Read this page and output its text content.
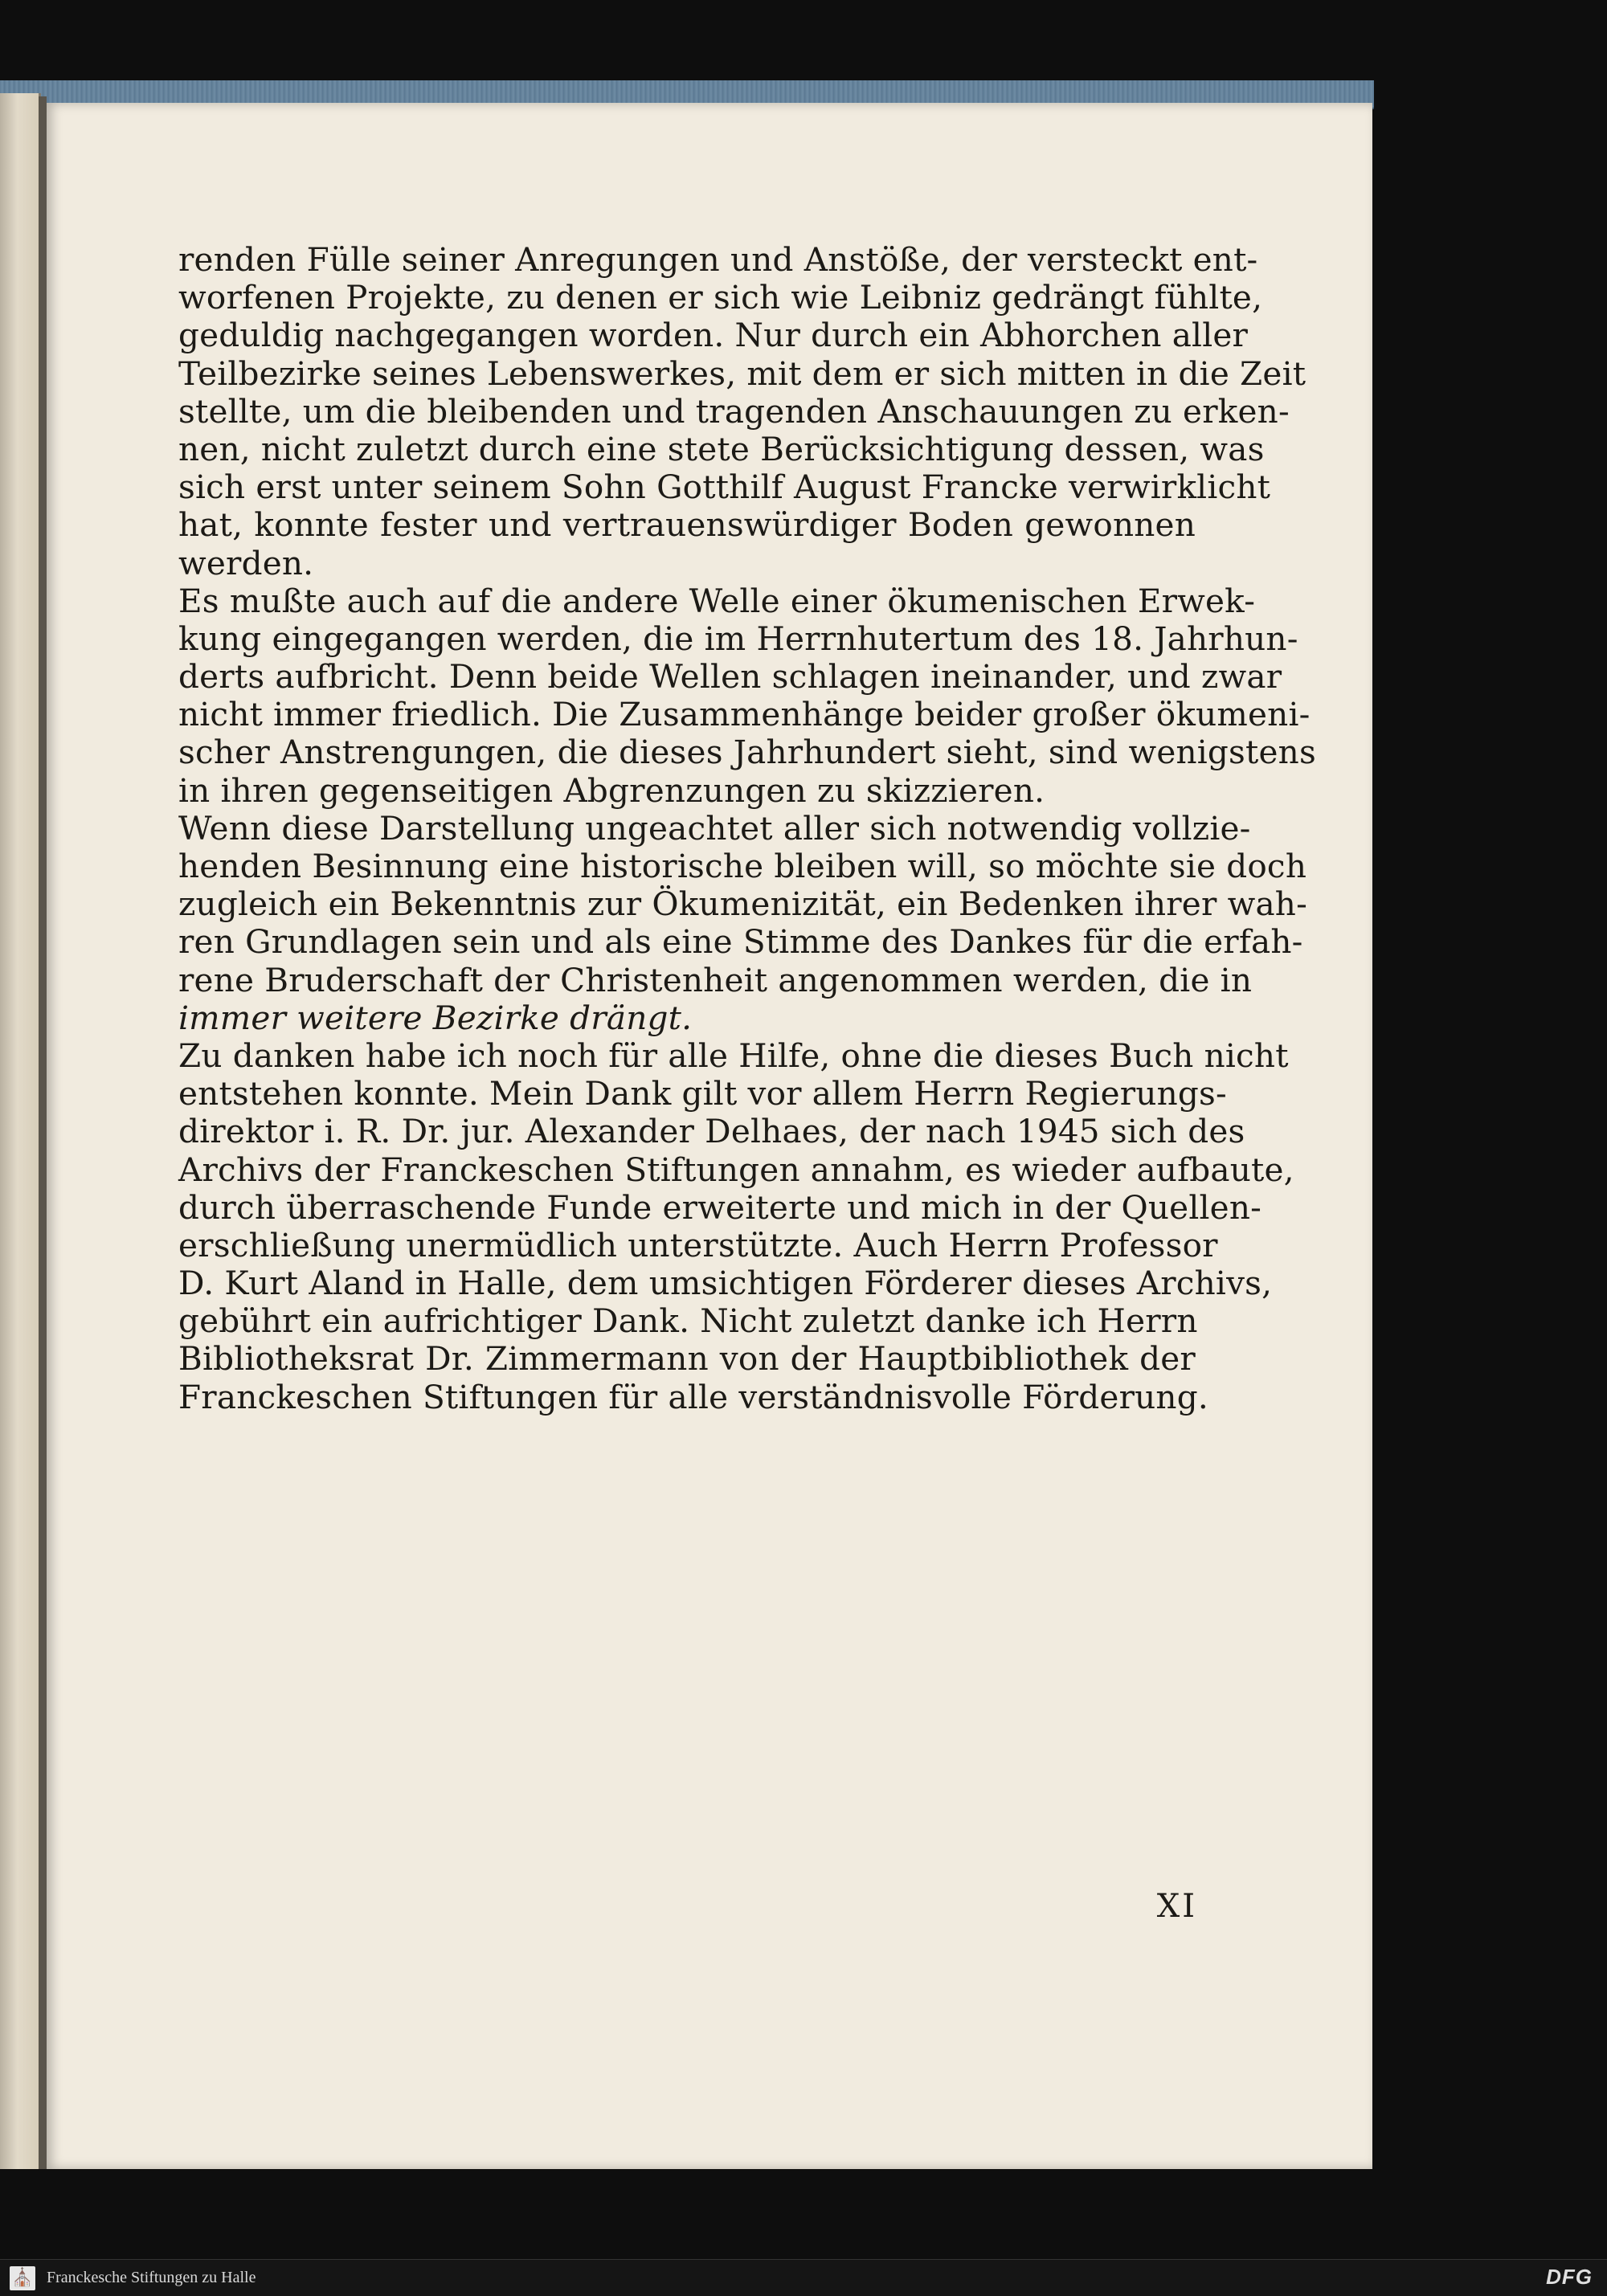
renden Fülle seiner Anregungen und Anstöße, der versteckt ent-
worfenen Projekte, zu denen er sich wie Leibniz gedrängt fühlte,
geduldig nachgegangen worden. Nur durch ein Abhorchen aller
Teilbezirke seines Lebenswerkes, mit dem er sich mitten in die Zeit
stellte, um die bleibenden und tragenden Anschauungen zu erken-
nen, nicht zuletzt durch eine stete Berücksichtigung dessen, was
sich erst unter seinem Sohn Gotthilf August Francke verwirklicht
hat, konnte fester und vertrauenswürdiger Boden gewonnen
werden.
Es mußte auch auf die andere Welle einer ökumenischen Erwek-
kung eingegangen werden, die im Herrnhutertum des 18. Jahrhun-
derts aufbricht. Denn beide Wellen schlagen ineinander, und zwar
nicht immer friedlich. Die Zusammenhänge beider großer ökumeni-
scher Anstrengungen, die dieses Jahrhundert sieht, sind wenigstens
in ihren gegenseitigen Abgrenzungen zu skizzieren.
Wenn diese Darstellung ungeachtet aller sich notwendig vollzie-
henden Besinnung eine historische bleiben will, so möchte sie doch
zugleich ein Bekenntnis zur Ökumenizität, ein Bedenken ihrer wah-
ren Grundlagen sein und als eine Stimme des Dankes für die erfah-
rene Bruderschaft der Christenheit angenommen werden, die in
immer weitere Bezirke drängt.
Zu danken habe ich noch für alle Hilfe, ohne die dieses Buch nicht
entstehen konnte. Mein Dank gilt vor allem Herrn Regierungs-
direktor i. R. Dr. jur. Alexander Delhaes, der nach 1945 sich des
Archivs der Franckeschen Stiftungen annahm, es wieder aufbaute,
durch überraschende Funde erweiterte und mich in der Quellen-
erschließung unermüdlich unterstützte. Auch Herrn Professor
D. Kurt Aland in Halle, dem umsichtigen Förderer dieses Archivs,
gebührt ein aufrichtiger Dank. Nicht zuletzt danke ich Herrn
Bibliotheksrat Dr. Zimmermann von der Hauptbibliothek der
Franckeschen Stiftungen für alle verständnisvolle Förderung.
XI
⛪ Franckesche Stiftungen zu Halle	DFG
